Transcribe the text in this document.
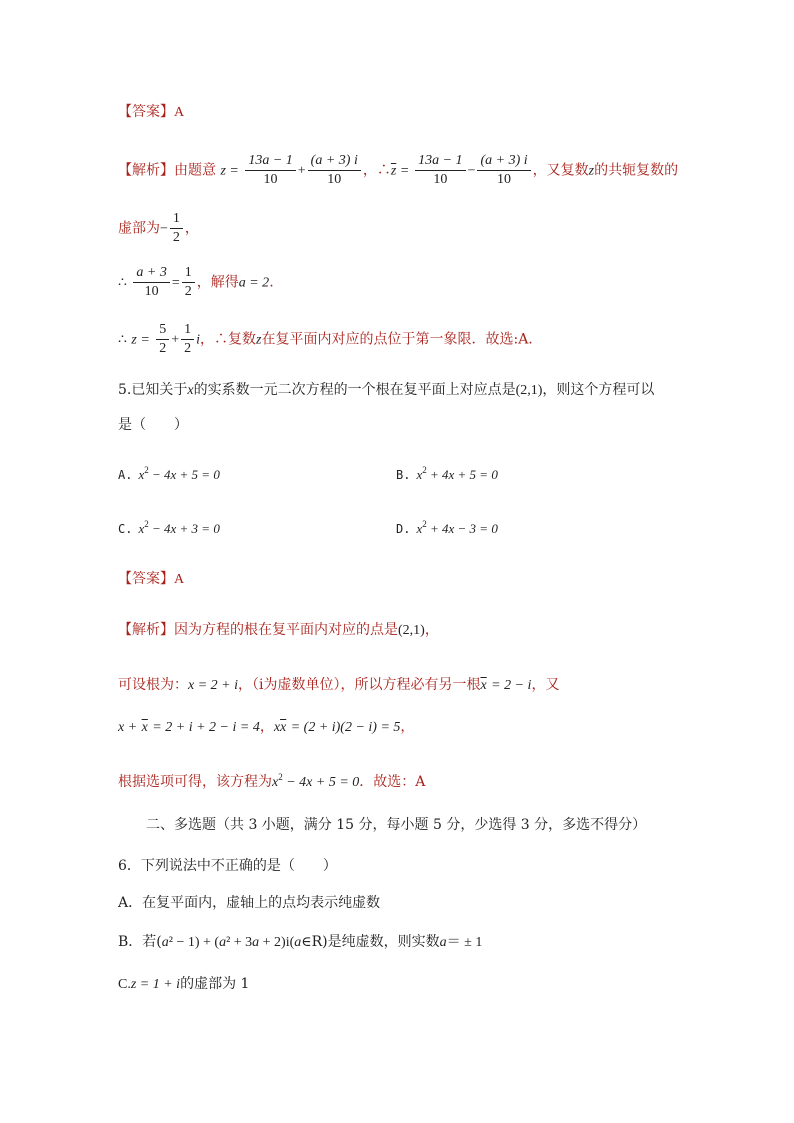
【答案】A
【解析】由题意 $z = \frac{13a - 1}{10} + \frac{(a + 3) i}{10}$ ，$\therefore\overline{z} = \frac{13a - 1}{10} - \frac{(a + 3) i}{10}$ ，又复数z的共轭复数的
虚部为− $\frac{1}{2}$ ，
∴ $\frac{a + 3}{10} = \frac{1}{2}$ ，解得a = 2.
∴ $z = \frac{5}{2} + \frac{1}{2}$ i，∴复数z在复平面内对应的点位于第一象限．故选:A.
5.已知关于x的实系数一元二次方程的一个根在复平面上对应点是(2,1)，则这个方程可以
是（　　）
A. $x^2 - 4x + 5 = 0$	B. $x^2 + 4x + 5 = 0$
C. $x^2 - 4x + 3 = 0$	D. $x^2 + 4x - 3 = 0$
【答案】A
【解析】因为方程的根在复平面内对应的点是(2,1)，
可设根为：x = 2 + i，（i为虚数单位），所以方程必有另一根$\overline{x} = 2 - i$，又
$x + \overline{x} = 2 + i + 2 - i = 4$，$x\overline{x} = (2 + i)(2 - i) = 5$，
根据选项可得，该方程为$x^2 - 4x + 5 = 0$．故选：A
二、多选题（共 3 小题，满分 15 分，每小题 5 分，少选得 3 分，多选不得分）
6．下列说法中不正确的是（　　）
A．在复平面内，虚轴上的点均表示纯虚数
B．若(a² − 1) + (a² + 3a + 2)i(a∈R)是纯虚数，则实数a＝ ± 1
C.z = 1 + i的虚部为 1
